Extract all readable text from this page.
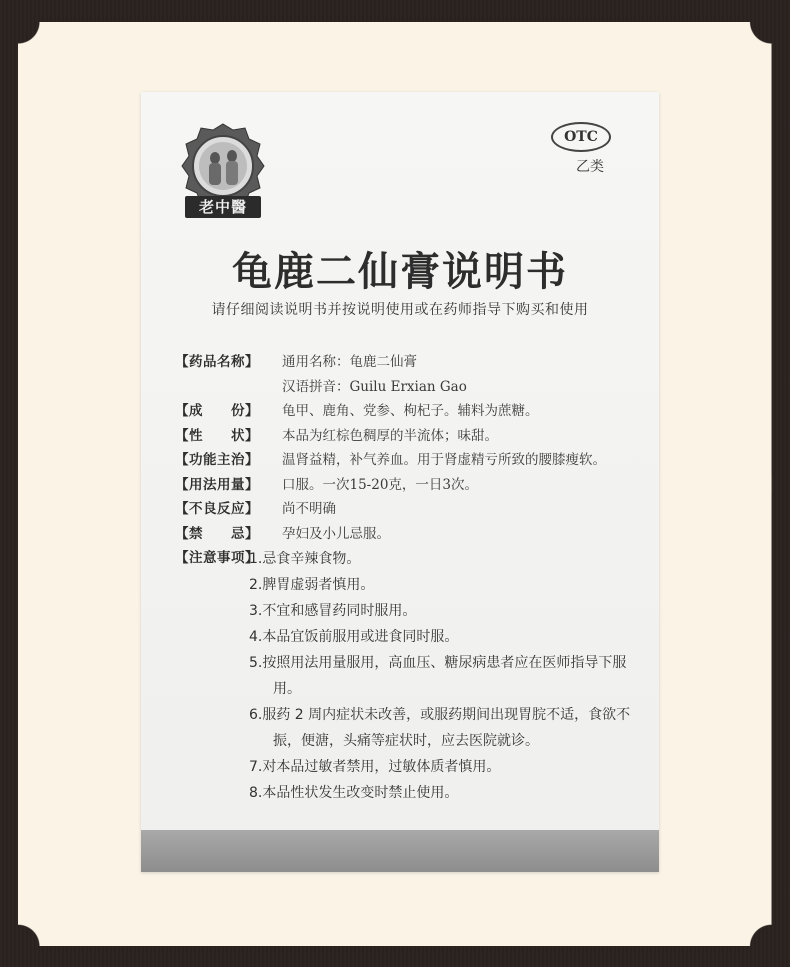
老中醫
OTC
乙类
龟鹿二仙膏说明书
请仔细阅读说明书并按说明使用或在药师指导下购买和使用
【药品名称】 通用名称：龟鹿二仙膏
汉语拼音：Guilu Erxian Gao
【成　　份】 龟甲、鹿角、党参、枸杞子。辅料为蔗糖。
【性　　状】 本品为红棕色稠厚的半流体；味甜。
【功能主治】 温肾益精，补气养血。用于肾虚精亏所致的腰膝瘦软。
【用法用量】 口服。一次15-20克，一日3次。
【不良反应】 尚不明确
【禁　　忌】 孕妇及小儿忌服。
【注意事项】
1.忌食辛辣食物。
2.脾胃虚弱者慎用。
3.不宜和感冒药同时服用。
4.本品宜饭前服用或进食同时服。
5.按照用法用量服用，高血压、糖尿病患者应在医师指导下服用。
6.服药 2 周内症状未改善，或服药期间出现胃脘不适，食欲不振，便溏，头痛等症状时，应去医院就诊。
7.对本品过敏者禁用，过敏体质者慎用。
8.本品性状发生改变时禁止使用。
